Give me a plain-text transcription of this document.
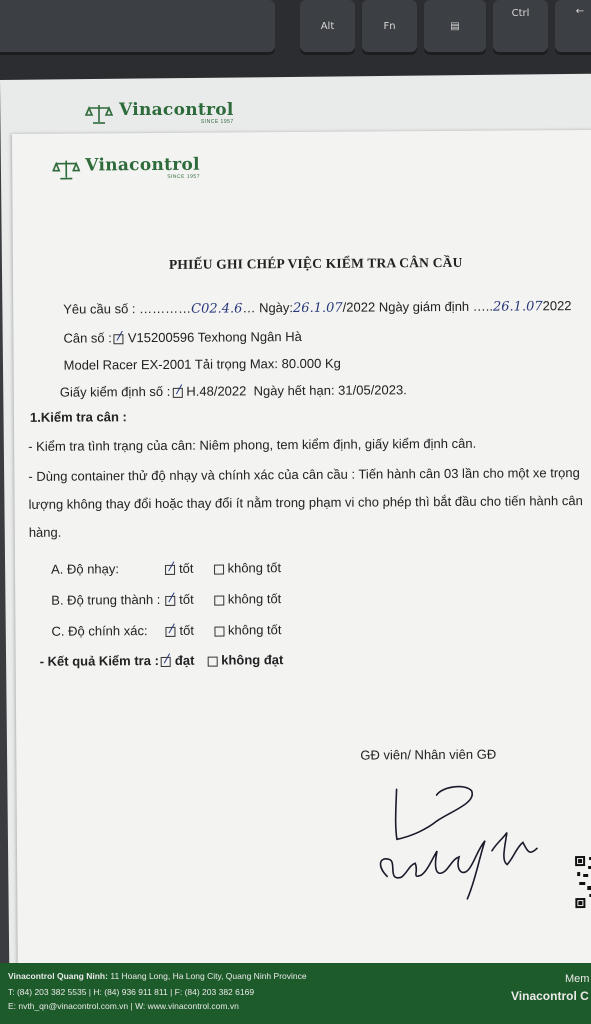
Alt	Fn	▤
Ctrl	←
Vinacontrol
SINCE 1957
Vinacontrol
SINCE 1957
PHIẾU GHI CHÉP VIỆC KIỂM TRA CÂN CẦU
Yêu cầu số : …………C02.4.6… Ngày:26.1.07/2022 Ngày giám định …..26.1.072022
Cân số : V15200596 Texhong Ngân Hà
Model Racer EX-2001 Tải trọng Max: 80.000 Kg
Giấy kiểm định số : H.48/2022 Ngày hết hạn: 31/05/2023.
1.Kiểm tra cân :
- Kiểm tra tình trạng của cân: Niêm phong, tem kiểm định, giấy kiểm định cân.
- Dùng container thử độ nhạy và chính xác của cân cầu : Tiến hành cân 03 lần cho một xe trọng
lượng không thay đổi hoặc thay đổi ít nằm trong phạm vi cho phép thì bắt đầu cho tiến hành cân
hàng.
A. Độ nhạy:	tốt	không tốt
B. Độ trung thành : tốt	không tốt
C. Độ chính xác: tốt	không tốt
- Kết quả Kiểm tra : đạt không đạt
GĐ viên/ Nhân viên GĐ
Vinacontrol Quang Ninh: 11 Hoang Long, Ha Long City, Quang Ninh Province
T: (84) 203 382 5535 | H: (84) 936 911 811 | F: (84) 203 382 6169
E: nvth_qn@vinacontrol.com.vn | W: www.vinacontrol.com.vn
Mem
Vinacontrol C
